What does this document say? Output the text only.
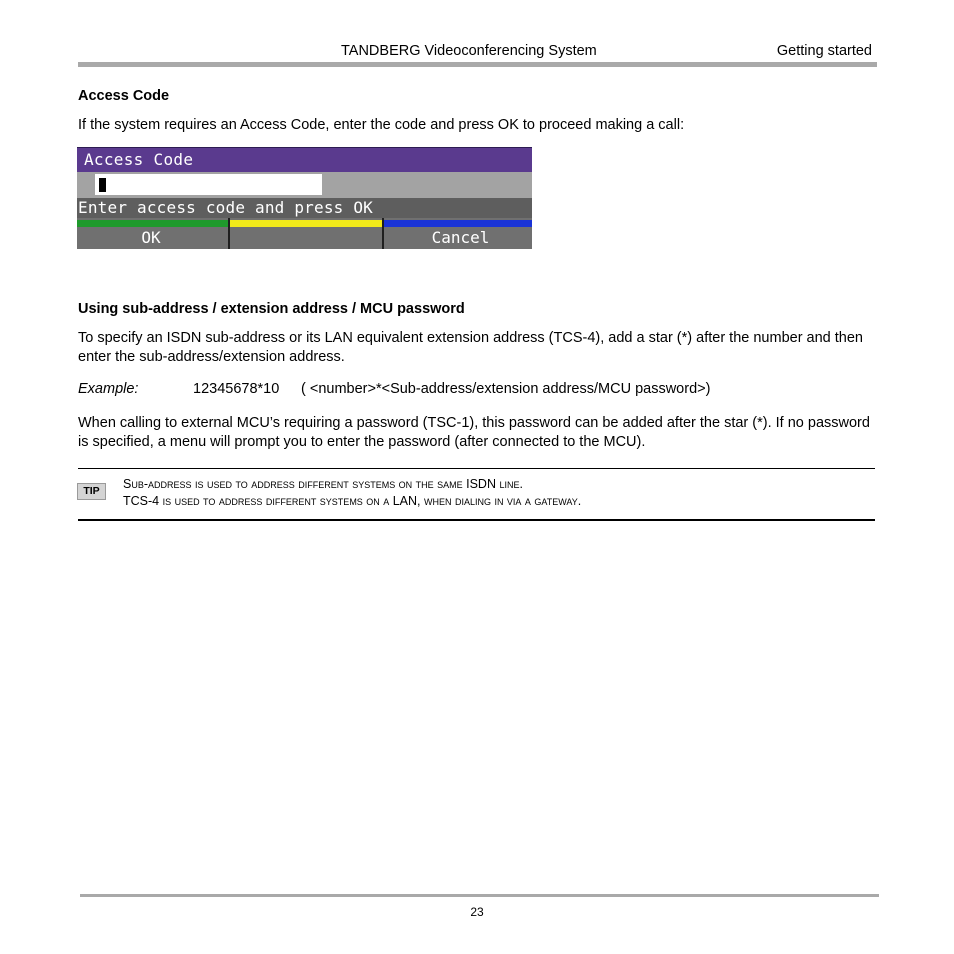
TANDBERG Videoconferencing System	Getting started
Access Code
If the system requires an Access Code, enter the code and press OK to proceed making a call:
Access Code
Enter access code and press OK
OK	Cancel
Using sub-address / extension address / MCU password
To specify an ISDN sub-address or its LAN equivalent extension address (TCS-4), add a star (*) after the number and then enter the sub-address/extension address.
Example:	12345678*10 ( <number>*<Sub-address/extension address/MCU password>)
When calling to external MCU’s requiring a password (TSC-1), this password can be added after the star (*). If no password is specified, a menu will prompt you to enter the password (after connected to the MCU).
TIP	Sub-address is used to address different systems on the same ISDN line.
TCS-4 is used to address different systems on a LAN, when dialing in via a gateway.
23
